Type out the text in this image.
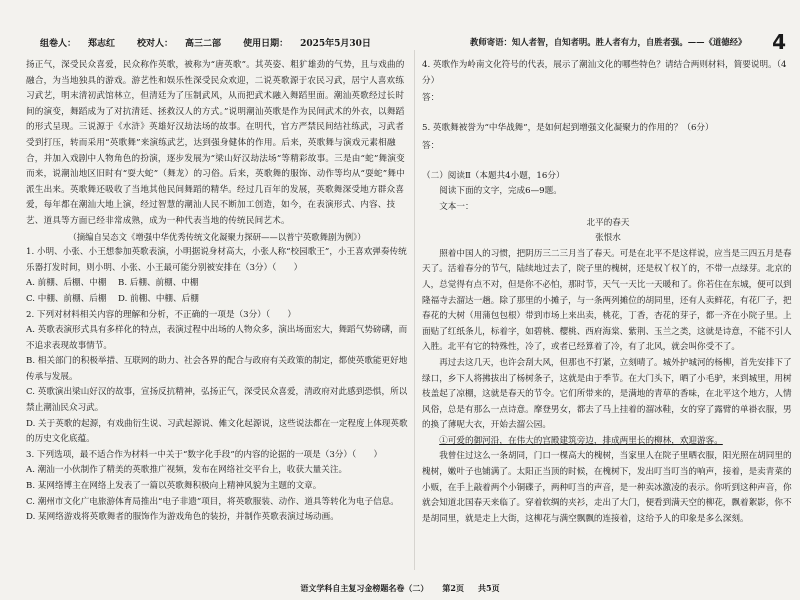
组卷人： 郑志红 校对人： 高三二部 使用日期： 2025年5月30日	教师寄语：知人者智，自知者明。胜人者有力，自胜者强。——《道德经》 4

扬正气，深受民众喜爱，民众称作英歌，被称为“唐英歌”。其英姿、粗犷雄劲的气势，且与戏曲的融合，为当地独具的游戏。游艺性和娱乐性深受民众欢迎，二说英歌源于农民习武，居宁人喜欢练习武艺，明末清初武馆林立，但清廷为了压制武风，从而把武术融入舞蹈里面。潮汕英歌经过长时间的演变，舞蹈成为了对抗清廷、拯救汉人的方式。”说明潮汕英歌是作为民间武术的外衣，以舞蹈的形式呈现。三说源于《水浒》英雄好汉劫法场的故事。在明代，官方严禁民间结社练武，习武者受到打压，转而采用“英歌舞”来演练武艺，达到强身健体的作用。后来，英歌舞与演戏元素相融合，并加入戏剧中人物角色的扮演，逐步发展为“梁山好汉劫法场”等精彩故事。三是由“蛇”舞演变而来，说潮汕地区旧时有“耍大蛇”（舞龙）的习俗。后来，英歌舞的服饰、动作等均从“耍蛇”舞中派生出来。英歌舞还吸收了当地其他民间舞蹈的精华。经过几百年的发展，英歌舞深受地方群众喜爱，每年都在潮汕大地上演，经过智慧的潮汕人民不断加工创造，如今，在表演形式、内容、技艺、道具等方面已经非常成熟，成为一种代表当地的传统民间艺术。

（摘编自吴态文《增强中华优秀传统文化凝聚力探研——以普宁英歌舞剧为例》）

1. 小明、小张、小王想参加英歌表演，小明据说身材高大，小张人称“校园歌王”，小王喜欢弹奏传统乐器打发时间，则小明、小张、小王最可能分别被安排在（3分）（　　）

A. 前棚、后棚、中棚	B. 后棚、前棚、中棚
C. 中棚、前棚、后棚	D. 前棚、中棚、后棚

2. 下列对材料相关内容的理解和分析，不正确的一项是（3分）（　　）

A. 英歌表演形式具有多样化的特点，表演过程中出场的人物众多，演出场面宏大，舞蹈气势磅礴，而不追求表现故事情节。

B. 相关部门的积极举措、互联网的助力、社会各界的配合与政府有关政策的制定，都使英歌能更好地传承与发展。

C. 英歌演出梁山好汉的故事，宣扬反抗精神，弘扬正气，深受民众喜爱，清政府对此感到恐惧，所以禁止潮汕民众习武。

D. 关于英歌的起源，有戏曲衍生说、习武起源说、傩文化起源说，这些说法都在一定程度上体现英歌的历史文化底蕴。

3. 下列选项，最不适合作为材料一中关于“数字化手段”的内容的论据的一项是（3分）（　　）

A. 潮汕一小伙制作了精美的英歌推广视频，发布在网络社交平台上，收获大量关注。

B. 某网络博主在网络上发表了一篇以英歌舞积极向上精神风貌为主题的文章。

C. 潮州市文化广电旅游体育局推出“电子非遗”项目，将英歌服装、动作、道具等转化为电子信息。

D. 某网络游戏将英歌舞者的服饰作为游戏角色的装扮，并制作英歌表演过场动画。

4. 英歌作为岭南文化符号的代表，展示了潮汕文化的哪些特色？请结合两则材料，简要说明。（4分）

答：

5. 英歌舞被誉为“中华战舞”，是如何起到增强文化凝聚力的作用的？（6分）

答：

（二）阅读Ⅱ（本题共4小题，16分）

阅读下面的文字，完成6—9题。

文本一：

北平的春天

张恨水

照着中国人的习惯，把阴历三二三月当了春天。可是在北平不是这样说，应当是三四五月是春天了。活着春分的节气，陆续地过去了，院子里的槐树，还是权丫权丫的，不带一点绿芽。北京的人，总觉得有点不对，但是你不必怕，那时节，天气一天比一天暖和了。你若住在东城，便可以到隆福寺去溜达一趟。除了那里的小摊子，与一条两列摊位的胡同里，还有人卖鲜花，有花厂子，把春花的大树（用蒲包包根）带到市场上来出卖，桃花，丁香，杏花的芽子，都一齐在小院子里。上面贴了红纸条儿，标着字，如碧桃、樱桃、西府海棠、紫荆、玉兰之类，这就是诗意，不能不引人入胜。北平有它的特殊性，冷了，或者已经算着了冷，有了北风，就会叫你受不了。

再过去这几天，也许会刮大风，但那也不打紧，立刻晴了。城外护城河的杨柳，首先安排下了绿口，乡下人将拂拔出了杨树条子，这就是由于季节。在大门头下，晒了小毛驴，来到城里，用树枝盖起了凉棚，这就是春天的节令。它们所带来的，是满地的青草的香味，在北平这个地方，人情风俗，总是有那么一点诗意。摩登男女，都去了马上挂着的溜冰鞋，女的穿了露臂的单褂衣服，男的换了薄呢大衣，开始去溜公园。

①可爱的御河沿，在伟大的宫殿建筑旁边，排成两里长的柳林，欢迎游客。

我曾住过这么一条胡同，门口一棵高大的槐树，当家里人在院子里晒衣服，阳光照在胡同里的槐树，嫩叶子也铺满了。太阳正当顶的时候，在槐树下，发出叮当叮当的响声，接着，是卖青菜的小贩，在手上敲着两个小铜碟子，两种叮当的声音，是一种卖冰激凌的表示。你听到这种声音，你就会知道北国春天来临了。穿着软绸的夹衫，走出了大门，便看到满天空的柳花，飘着絮影，你不是胡同里，就是走上大街，这柳花与满空飘飘的连接着，这给予人的印象是多么深刻。

语文学科自主复习金榜题名卷（二） 第2页 共5页
